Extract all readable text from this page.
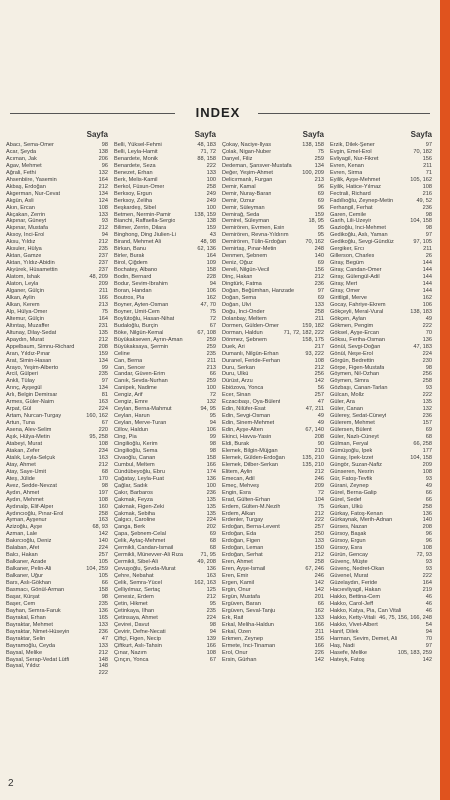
INDEX
Sayfa
Abacı, Sema-Ömer	98
Acar, Şeyda	138
Acıman, Jak	206
Agav, Mehmet	96
Ağrali, Fethi	132
Ahsenbiire, Yasemin	164
Akbaş, Erdoğan	212
Akgerman, Nur-Cevat	134
Akgün, Asli	124
Akın, Ercan	108
Akçakan, Zerrin	133
Akpınar, Güneyt	93
Akpınar, Mustafa	212
Aksoy, İnci-Erol	94
Aksu, Yıldız	212
Aksuler, Hülya	235
Aktan, Gamze	237
Aktan, Yıldız-Abidin	237
Akyürek, Hüsamettin	237
Alatom, İshak	48, 209
Alaton, Leyla	209
Alganer, Gülçin	211
Alkan, Aylin	166
Alkan, Kerem	213
Alp, Hülya-Ömer	75
Altemur, Gülçin	164
Altıntaş, Muzaffer	231
Altunay, Dilay-Sedat	135
Apaydın, Murat	212
Appelbaum, Simnu-Richard	208
Aran, Yıldız-Pınar	159
Arat, Simin-Hasan	134
Arayo, Yeşim-Alberto	99
Arcil, Gülperi	235
Ankli, Tülay	97
Arınç, Ayşegül	134
Arlı, Belgin Demirsar	81
Armes, Güler-Naim	163
Arpat, Gül	224
Artam, Nurcan-Turgay	160, 162
Artun, Tuna	67
Asena, Alev-Selim	220
Aşık, Hülya-Metin	95, 258
Atabeyi, Murat	108
Atakan, Zefer	234
Atalık, Leyla-Selçuk	163
Atay, Ahmet	212
Atay, Saye-Ümit	68
Ateş, Jülide	170
Avez, Sedde-Nevzat	98
Aydın, Ahmet	197
Aydın, Mehmet	108
Aydınalp, Elif-Alper	160
Aydıncıoğlu, Pınar-Erol	258
Ayman, Ayşenur	163
Azizoğlu, Ayşe	68, 93
Azman, Lale	142
Bakırcıoğlu, Deniz	140
Balaban, Afet	224
Balcı, Hakan	257
Balkaner, Azade	105
Balkaner, Pelin-Ali	104, 259
Balkaner, Uğur	105
Bars, Aslı-Gökhan	66
Basmacı, Gönül-Arman	158
Başar, Kürşat	98
Başer, Cem	235
Bayhan, Semra-Faruk	136
Bayrakal, Erhan	165
Bayraktar, Mehmet	133
Bayraktar, Nimet-Hüseyin	236
Bayraktar, Selin	47
Bayramoğlu, Ceyda	133
Baysal, Melike	212
Baysal, Serap-Vedat Lütfi	148
Baysal, Yıldız	148
222
Sayfa
Belli, Yüksel-Fehmi	48, 183
Belli, Leyla-Hamit	71, 72
Benardete, Monik	88, 158
Benardete, Seza	222
Benezet, Erhan	133
Berk, Melis-Kamil	100
Berkol, Füsun-Ömer	258
Berksoy, Ergun	249
Berksoy, Zeliha	249
Beşkardeş, Sibel	100
Betmen, Nermin-Pamir	138, 159
Bianchi, Raffaella-Sergio	138
Bilimer, Zerrin, Dilara	159
Binghong, Ding Jiulien-Li	43
Birand, Mehmet Ali	48, 98
Birkan, Banu	62, 136
Birler, Burak	164
Birol, Çiğdem	109
Bochatey, Albano	158
Bodin, Bernard	228
Bodur, Sevim-İbrahim	94
Boran, Handan	106
Boutros, Pia	162
Boyner, Ayten-Osman	47, 70
Boyner, Ümit-Cem	75
Boylütoğlu, Hasan-Nihat	72
Budaloğlu, Burçin	67
Böke, Nilgün-Kemal	67, 108
Büyükakseven, Ayrın-Aman	259
Büyükaksaya, Şermin	259
Celine	235
Can, Berna	211
Can, Sencer	213
Candar, Güven-Erim	66
Canık, Sevda-Nurhan	259
Canipek, Nadime	100
Cengiz, Arif	72
Cengiz, Emre	132
Ceylan, Berna-Mahmut	94, 95
Ceylan, Harun	95
Ceylan, Merve-Turan	94
Cillov, Haldun	106
Cing, Pia	99
Cingilioğlu, Kerim	98
Cingilioğlu, Sema	98
Civaoğlu, Canan	158
Cumbul, Meltem	166
Cündübeyoğlu, Ebru	174
Çağatay, Leyla-Fuat	136
Çağlar, Sadık	100
Çakır, Barbaros	236
Çakmak, Feyza	135
Çakmak, Figen-Zeki	135
Çakmak, Sebiha	135
Çalgıcı, Caroline	224
Çanga, Berk	202
Çapa, Şebnem-Celal	69
Çelik, Aytaç-Mehmet	68
Çermikli, Candan-İsmail	68
Çermikli, Münevver-Ali Rıza	71, 95
Çermikli, Sibel-Ali	49, 208
Çevuşoğlu, Şevda-Murat	136
Çehre, Nebahat	163
Çelik, Semra-Yücel	162, 163
Çelliyılmaz, Sertaç	125
Çenesiz, Erdem	212
Çetin, Hikmet	95
Çetinkaya, İlhan	235
Çetinsaya, Ahmet	224
Çevirei, Davut	98
Çevirir, Defne-Necati	94
Çiftçi, Figen, Necip	139
Çiftkurt, Aslı-Tahsin	166
Çınar, Nazım	108
Çınçın, Yonca	67
Sayfa
Çokay, Naciye-İlyas	138, 158
Çolak, Nigan-Nuber	75
Danyel, Filiz	259
Dedeman, Şansver-Mustafa	134
Değer, Yeşim-Ahmet	100, 209
Delicırmanlı, Furgan	213
Demir, Kamal	96
Demir, Nuray-Baran	69
Demir, Öznur	69
Demir, Süleyman	96
Demirağ, Seda	159
Demirel, Süleyman	18, 95
Demirören, Evrmen, Esin	95
Demirören, Revna-Yıldırım	95
Demirören, Tülin-Erdoğan	70, 162
Demirtaş, Pınar-Metin	248
Denmen, Şebnem	140
Deniz, Oğuz	69
Dereli, Nilgün-Vecil	156
Dinç, Hakan	212
Dingtürk, Fatma	236
Doğan, Beğümhan, Hanzade	97
Doğan, Sema	69
Doğan, Ülvi	133
Doğu, İnci-Önder	258
Dolanbay, Meltem	211
Dormen, Gülden-Ömer	159, 182
Dorman, Haldun	71, 72, 182, 222
Dönmez, Şebnem	158, 175
Duek, Ari	217
Dumanlı, Nilgün-Erhan	93, 222
Duranel, Feride-Ferhan	108
Duru, Serkan	212
Duru, Ülkü	256
Dürüst, Arzu	142
Ebiözova, Yonca	56
Ecer, Sinan	257
Eczacıbaşı, Oya-Bülent	47
Edin, Nilüfer-Esat	47, 211
Edin, Sevgi-Osman	49
Edin, Sinem-Mehmet	49
Edin, Ayşe-Alten	67, 140
Ekinci, Havva-Yasin	208
Eldi, Burak	90
Elemek, Bilgin-Müjgan	210
Elemek, Gülden-Erdoğan	135, 210
Elemek, Dilber-Serkan	135, 210
Elitem, Aylin	212
Emecan, Adil	246
Emeç, Mehveş	209
Engin, Esra	72
Erad, Gülten-Erhan	104
Erdem, Gülten-M.Nezih	75
Erdem, Alkan	212
Erdenler, Turgay	222
Erdoğan, Berna-Levent	257
Erdoğan, Eda	250
Erdoğan, Figen	133
Erdoğan, Leman	150
Erdoğan, Serhat	212
Eren, Ahmet	258
Eren, Ayşe-İsmail	67, 246
Eren, Emir	246
Ergen, Kamil	142
Ergin, Onur	142
Ergün, Mustafa	201
Ergüven, Baran	66
Ergüven, Seval-Tanju	162
Erk, Raif	133
Erkal, Meliha-Haldun	166
Erkal, Özen	211
Erkmen, Zeynep	156
Ermete, İnci-Tinaman	166
Erol, Onur	226
Ersin, Gürhan	142
Sayfa
Erzik, Dilek-Şener	97
Evgin, Emel-Erol	70, 182
Evliyagil, Nur-Fikret	156
Evren, Kenan	211
Evren, Sirma	71
Eyilik, Ayşe-Mehmet	105, 162
Eyilik, Hatice-Yılmaz	108
Fectrali, Richard	216
Fadıllıoğlu, Zeynep-Metin	49, 52
Ferhangil, Ferhat	236
Garen, Cemile	98
Garih, Lili-Üzeyir	104, 158
Gazioğlu, İnci-Mehmet	98
Gedikoğlu, Aslı, Yaman	97
Gedikoğlu, Sevgi-Gündüz	97, 105
Gergiker, Ercı	211
Gillerson, Charles	26
Giray, Begüm	144
Giray, Candan-Ömer	144
Giray, Gülengül-Adil	144
Giray, Mert	144
Giray, Ömer	144
Giritligil, Merve	162
Gocay, Fahriye-Ekrem	106
Gökçeyli, Meral-Vural	138, 183
Gökçen, Aylan	49
Gökmen, Pengim	222
Göksel, Ayşe-Ercan	70
Göksu, Feriha-Osman	136
Gönül, Sevgi-Doğan	47, 183
Gönül, Neşe-Erol	224
Görgün, Bedrettin	230
Görpe, Figen-Mustafa	98
Göymen, Nil-Ozhan	256
Göymen, Simra	258
Gözbaşı, Canan-Tarlan	93
Gülcan, Mollz	222
Güler, Ara	135
Güler, Canan	132
Gülerey, Sedat-Cüneyt	236
Gülerem, Mehmet	157
Gülersen, Bülent	69
Güler, Nazlı-Cüneyt	68
Gülman, Feryal	66, 258
Gümüşoğlu, İpek	177
Günay, İpek-İzzet	104, 158
Güngör, Suzan-Nafiz	209
Günseren, Nesrin	108
Gür, Fatoş-Tevfik	93
Gürani, Zeynep	49
Gürel, Berna-Galip	66
Gürel, Sedef	66
Gürkan, Ülkü	258
Gürkay, Fatoş-Kenan	136
Gürkaynak, Merih-Adnan	140
Gürses, Nazan	208
Gürsoy, Başak	96
Gürsoy, Ergun	96
Gürsoy, Esra	108
Gürün, Gencay	72, 93
Güvenç, Müşte	93
Güvenç, Nedret-Okan	93
Güvenel, Murat	222
Güzelaydın, Feride	164
Hacıevliyagil, Hakan	219
Hakko, Bettina-Cem	46
Hakko, Carol-Jeff	46
Hakko, Katya, Pia, Can Vitali	46
Hakko, Ketty-Vitali 46, 75, 156, 166, 248
Hakko, Vivet-Albert	54
Hanif, Dilek	94
Harman, Sevim, Demet, Ali	70
Haş, Nadi	97
Hasefe, Melike	105, 183, 259
Hateyk, Fatoş	142
2
